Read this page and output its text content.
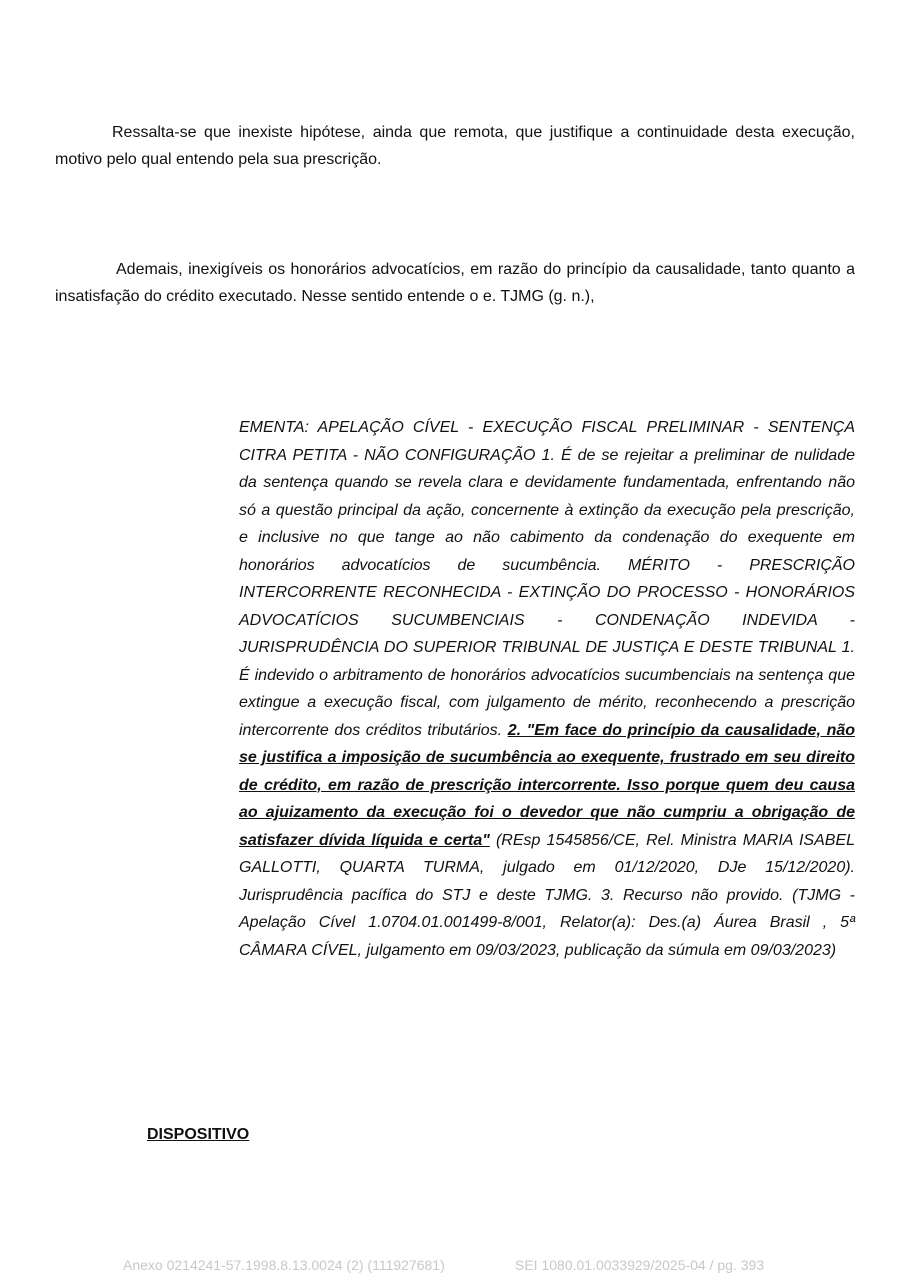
Ressalta-se que inexiste hipótese, ainda que remota, que justifique a continuidade desta execução, motivo pelo qual entendo pela sua prescrição.

Ademais, inexigíveis os honorários advocatícios, em razão do princípio da causalidade, tanto quanto a insatisfação do crédito executado. Nesse sentido entende o e. TJMG (g. n.),

EMENTA: APELAÇÃO CÍVEL - EXECUÇÃO FISCAL PRELIMINAR - SENTENÇA CITRA PETITA - NÃO CONFIGURAÇÃO 1. É de se rejeitar a preliminar de nulidade da sentença quando se revela clara e devidamente fundamentada, enfrentando não só a questão principal da ação, concernente à extinção da execução pela prescrição, e inclusive no que tange ao não cabimento da condenação do exequente em honorários advocatícios de sucumbência. MÉRITO - PRESCRIÇÃO INTERCORRENTE RECONHECIDA - EXTINÇÃO DO PROCESSO - HONORÁRIOS ADVOCATÍCIOS SUCUMBENCIAIS - CONDENAÇÃO INDEVIDA - JURISPRUDÊNCIA DO SUPERIOR TRIBUNAL DE JUSTIÇA E DESTE TRIBUNAL 1. É indevido o arbitramento de honorários advocatícios sucumbenciais na sentença que extingue a execução fiscal, com julgamento de mérito, reconhecendo a prescrição intercorrente dos créditos tributários. 2. "Em face do princípio da causalidade, não se justifica a imposição de sucumbência ao exequente, frustrado em seu direito de crédito, em razão de prescrição intercorrente. Isso porque quem deu causa ao ajuizamento da execução foi o devedor que não cumpriu a obrigação de satisfazer dívida líquida e certa" (REsp 1545856/CE, Rel. Ministra MARIA ISABEL GALLOTTI, QUARTA TURMA, julgado em 01/12/2020, DJe 15/12/2020). Jurisprudência pacífica do STJ e deste TJMG. 3. Recurso não provido. (TJMG - Apelação Cível 1.0704.01.001499-8/001, Relator(a): Des.(a) Áurea Brasil , 5ª CÂMARA CÍVEL, julgamento em 09/03/2023, publicação da súmula em 09/03/2023)

DISPOSITIVO

Anexo 0214241-57.1998.8.13.0024 (2) (111927681)	SEI 1080.01.0033929/2025-04 / pg. 393
